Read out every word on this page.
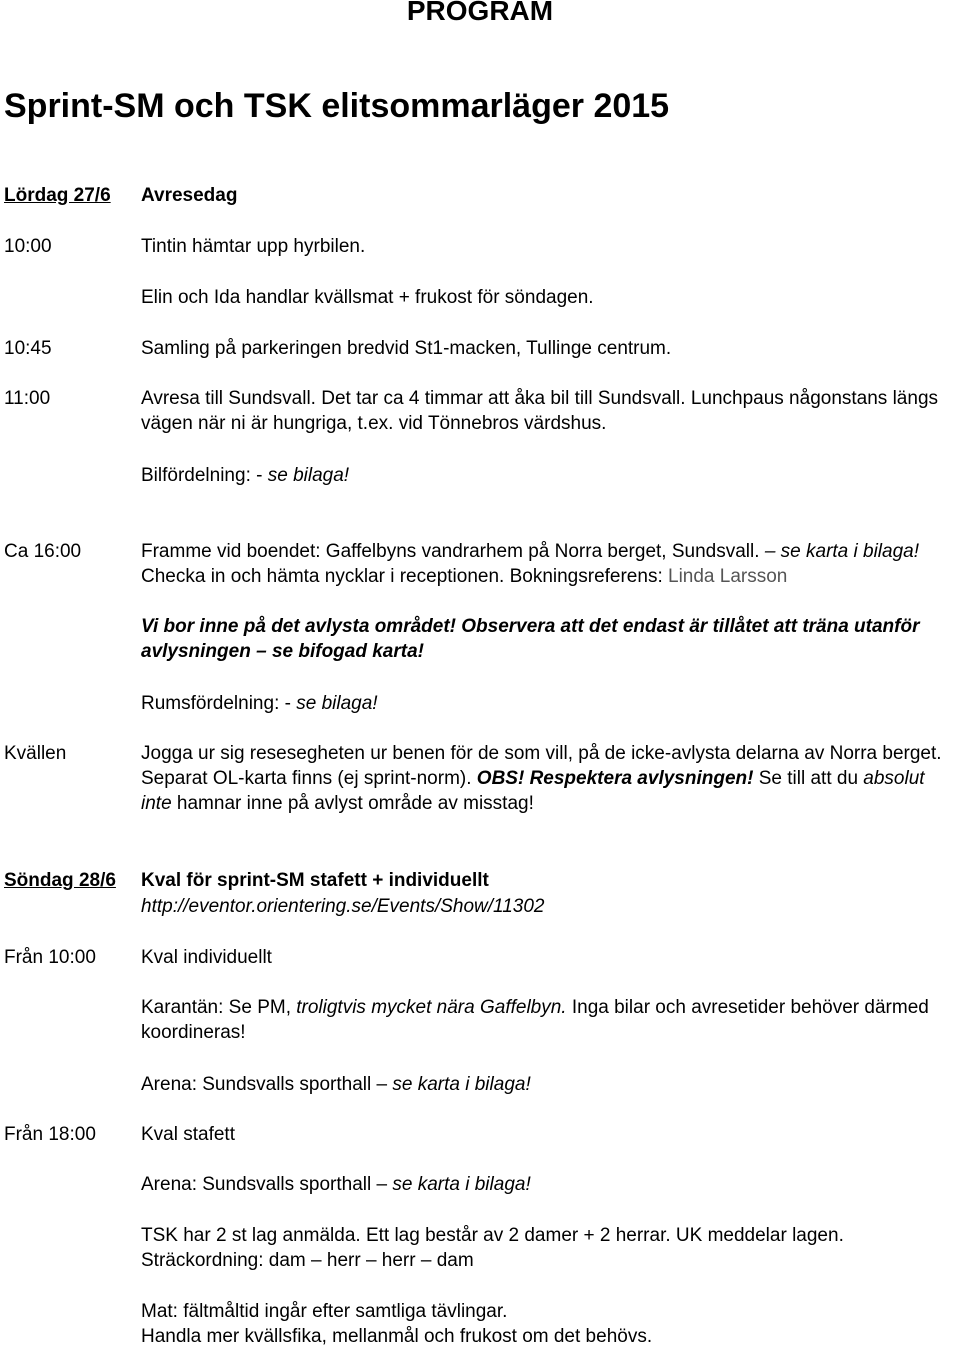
PROGRAM
Sprint-SM och TSK elitsommarläger 2015
Lördag 27/6 Avresedag
10:00	Tintin hämtar upp hyrbilen.
Elin och Ida handlar kvällsmat + frukost för söndagen.
10:45	Samling på parkeringen bredvid St1-macken, Tullinge centrum.
11:00	Avresa till Sundsvall. Det tar ca 4 timmar att åka bil till Sundsvall. Lunchpaus någonstans längs vägen när ni är hungriga, t.ex. vid Tönnebros värdshus.
Bilfördelning: - se bilaga!
Ca 16:00	Framme vid boendet: Gaffelbyns vandrarhem på Norra berget, Sundsvall. – se karta i bilaga! Checka in och hämta nycklar i receptionen. Bokningsreferens: Linda Larsson
Vi bor inne på det avlysta området! Observera att det endast är tillåtet att träna utanför avlysningen – se bifogad karta!
Rumsfördelning: - se bilaga!
Kvällen	Jogga ur sig resesegheten ur benen för de som vill, på de icke-avlysta delarna av Norra berget. Separat OL-karta finns (ej sprint-norm). OBS! Respektera avlysningen! Se till att du absolut inte hamnar inne på avlyst område av misstag!
Söndag 28/6 Kval för sprint-SM stafett + individuellt
http://eventor.orientering.se/Events/Show/11302
Från 10:00 Kval individuellt
Karantän: Se PM, troligtvis mycket nära Gaffelbyn. Inga bilar och avresetider behöver därmed koordineras!
Arena: Sundsvalls sporthall – se karta i bilaga!
Från 18:00 Kval stafett
Arena: Sundsvalls sporthall – se karta i bilaga!
TSK har 2 st lag anmälda. Ett lag består av 2 damer + 2 herrar. UK meddelar lagen.
Sträckordning: dam – herr – herr – dam
Mat: fältmåltid ingår efter samtliga tävlingar.
Handla mer kvällsfika, mellanmål och frukost om det behövs.
